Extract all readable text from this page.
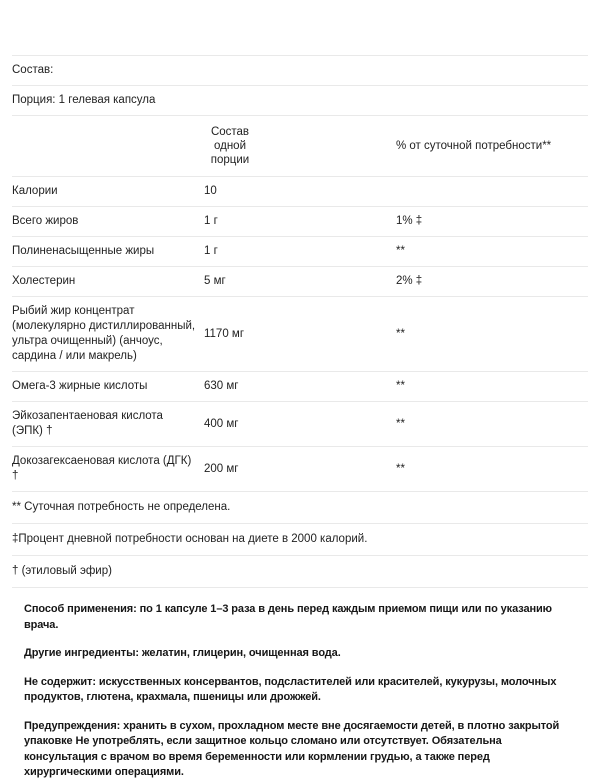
Состав:		
Порция: 1 гелевая капсула		

	Состав одной порции	% от суточной потребности**

Калории	10	
Всего жиров	1 г	1% ‡
Полиненасыщенные жиры	1 г	**
Холестерин	5 мг	2% ‡
Рыбий жир концентрат (молекулярно дистиллированный, ультра очищенный) (анчоус, сардина / или макрель)	1170 мг	**
Омега-3 жирные кислоты	630 мг	**
Эйкозапентаеновая кислота (ЭПК) †	400 мг	**
Докозагексаеновая кислота (ДГК) †	200 мг	**
** Суточная потребность не определена.		
‡Процент дневной потребности основан на диете в 2000 калорий.		
† (этиловый эфир)		

Способ применения: по 1 капсуле 1–3 раза в день перед каждым приемом пищи или по указанию врача.

Другие ингредиенты: желатин, глицерин, очищенная вода.

Не содержит: искусственных консервантов, подсластителей или красителей, кукурузы, молочных продуктов, глютена, крахмала, пшеницы или дрожжей.

Предупреждения: хранить в сухом, прохладном месте вне досягаемости детей, в плотно закрытой упаковке Не употреблять, если защитное кольцо сломано или отсутствует. Обязательна консультация с врачом во время беременности или кормлении грудью, а также перед хирургическими операциями.
